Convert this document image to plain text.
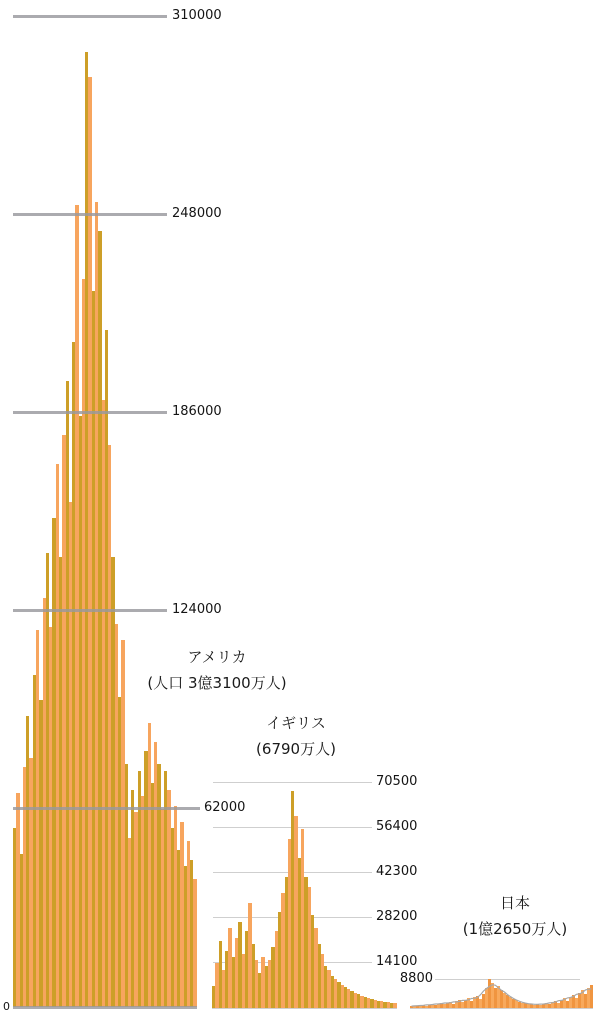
310000
248000
186000
124000
62000
0
70500
56400
42300
28200
14100
8800
アメリカ
(人口 3億3100万人)
イギリス
(6790万人)
日本
(1億2650万人)
